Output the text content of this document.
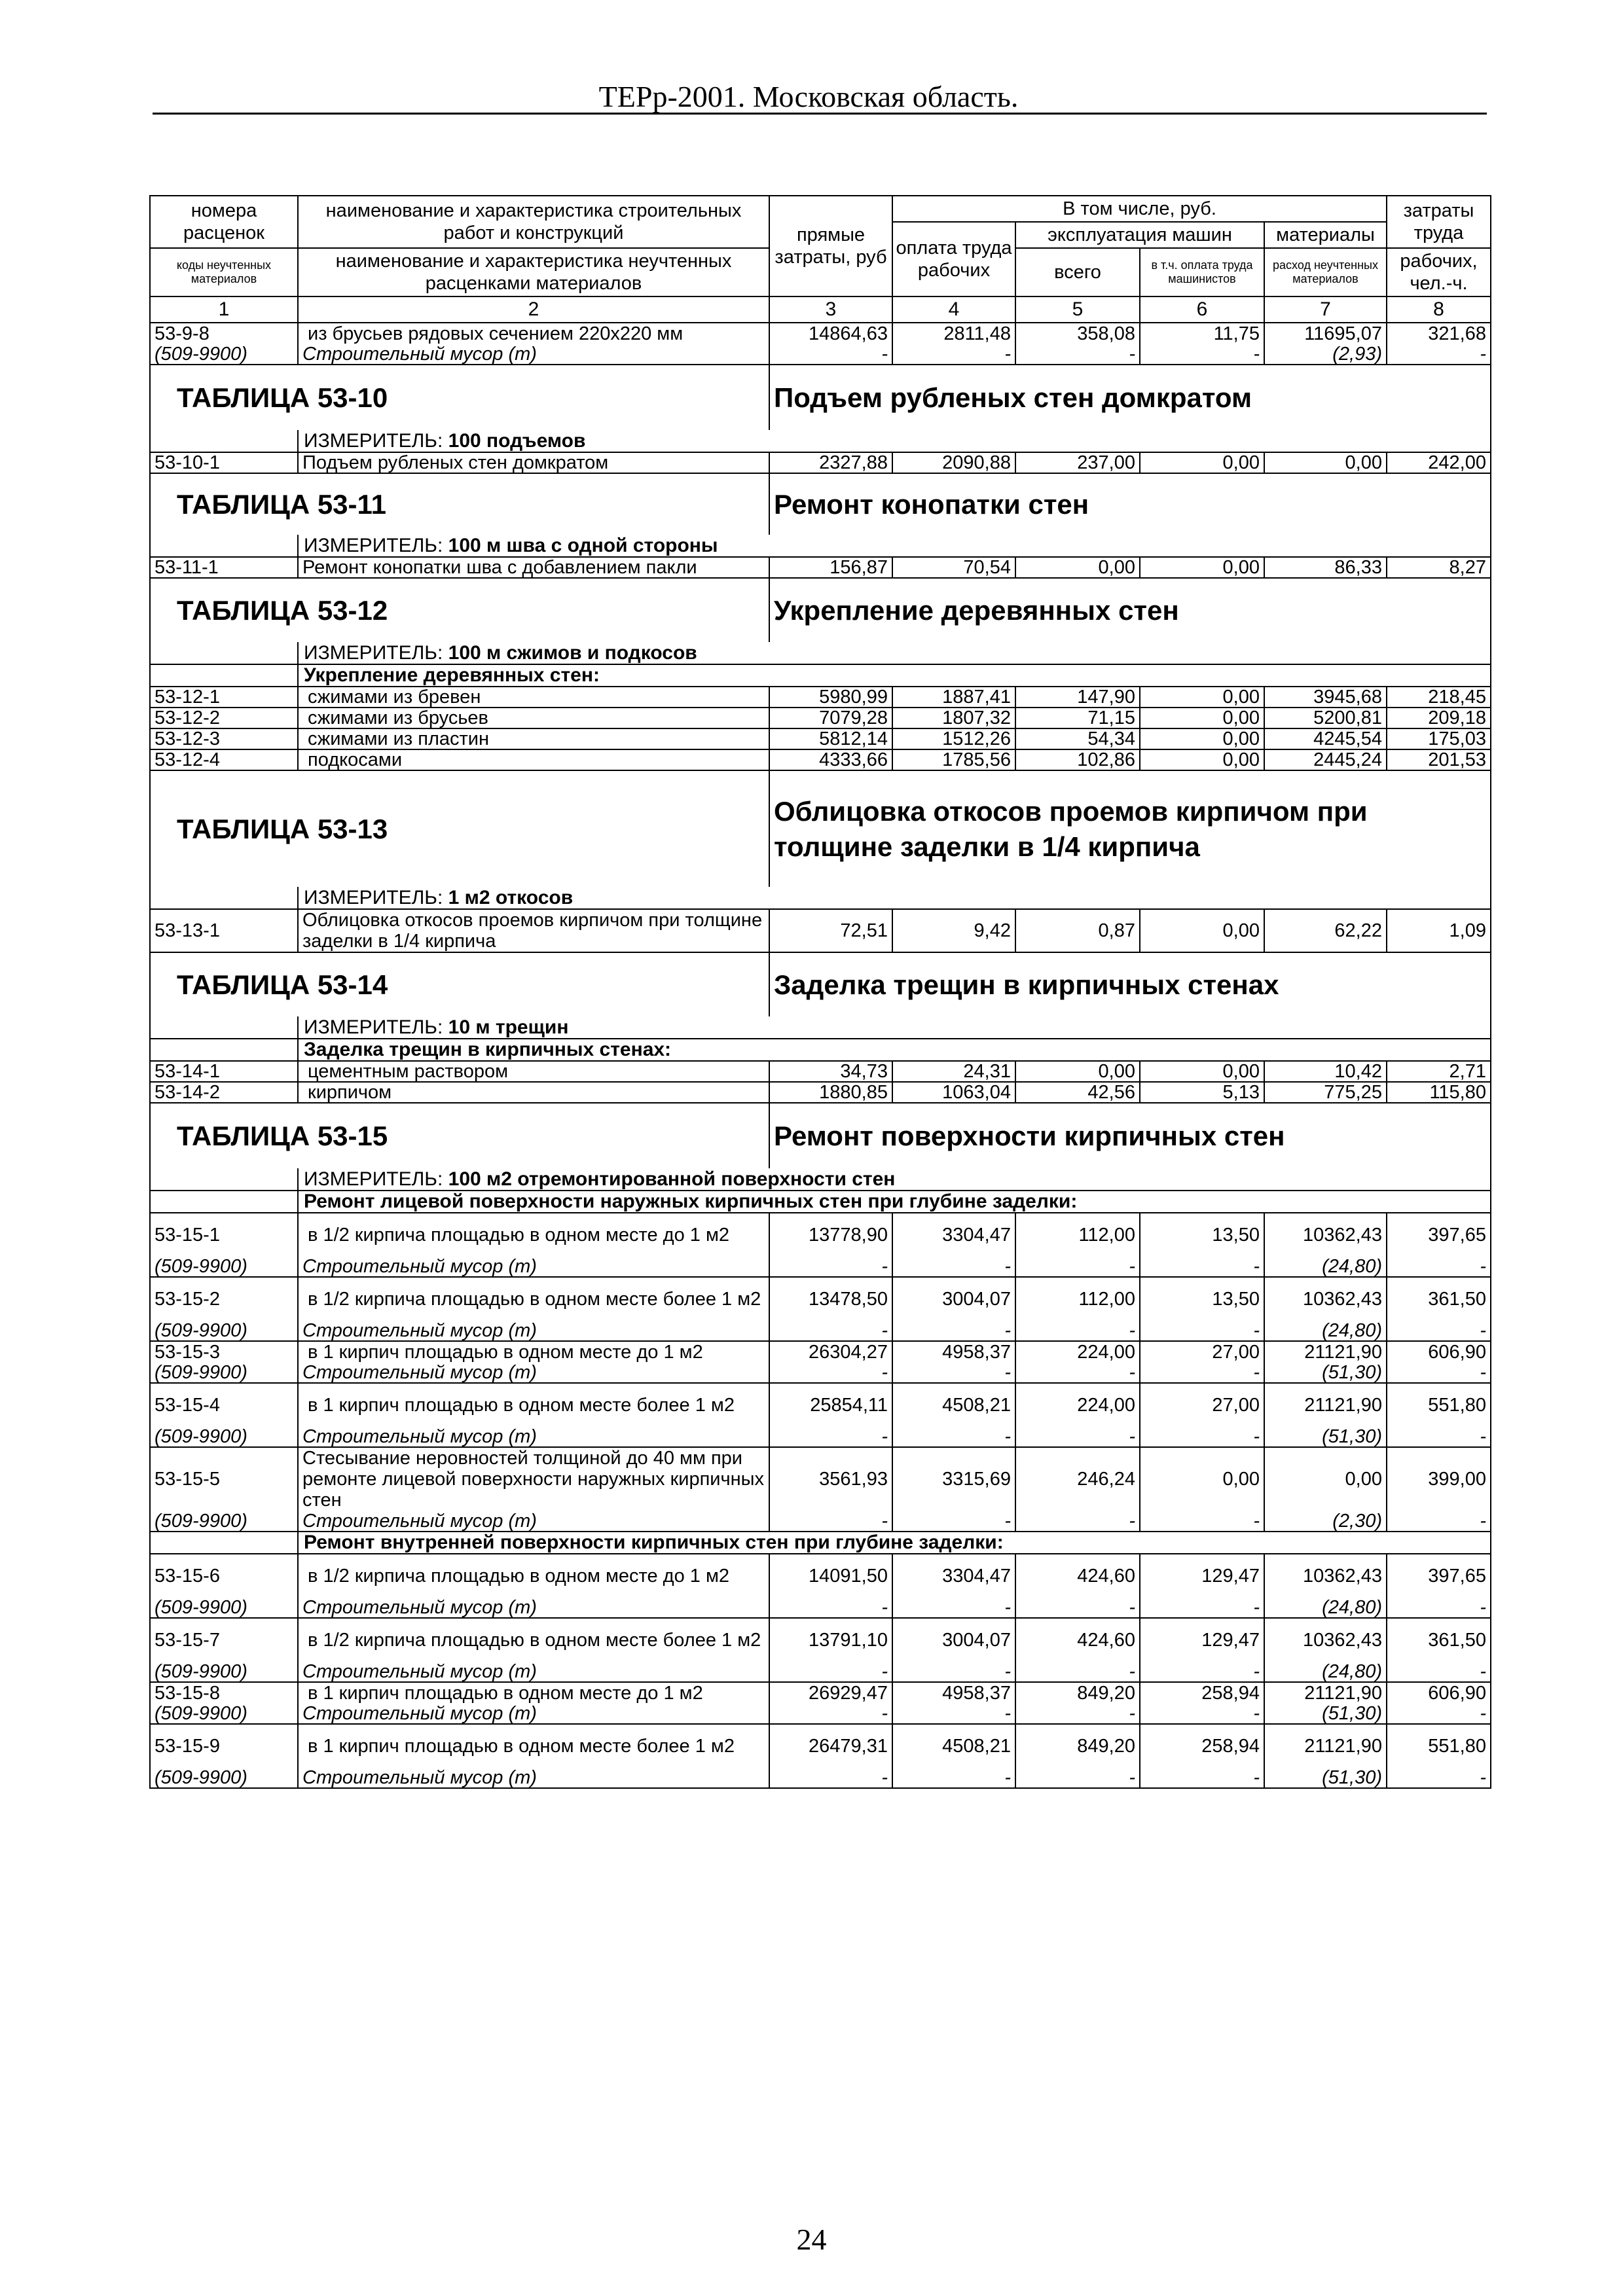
ТЕРр-2001. Московская область.
номера расценок	наименование и характеристика строительных работ и конструкций	прямые затраты, руб	В том числе, руб.				затраты труда
			оплата труда рабочих	эксплуатация машин		материалы	
коды неучтенных материалов	наименование и характеристика неучтенных расценками материалов			всего	в т.ч. оплата труда машинистов	расход неучтенных материалов	рабочих, чел.-ч.

1	2	3	4	5	6	7	8
53-9-8	из брусьев рядовых сечением 220х220 мм	14864,63	2811,48	358,08	11,75	11695,07	321,68
(509-9900)	Строительный мусор (т)	-	-	-	-	(2,93)	-
ТАБЛИЦА 53-10		Подъем рубленых стен домкратом					
	ИЗМЕРИТЕЛЬ: 100 подъемов						
53-10-1	Подъем рубленых стен домкратом	2327,88	2090,88	237,00	0,00	0,00	242,00
ТАБЛИЦА 53-11		Ремонт конопатки стен					
	ИЗМЕРИТЕЛЬ: 100 м шва с одной стороны						
53-11-1	Ремонт конопатки шва с добавлением пакли	156,87	70,54	0,00	0,00	86,33	8,27
ТАБЛИЦА 53-12		Укрепление деревянных стен					
	ИЗМЕРИТЕЛЬ: 100 м сжимов и подкосов						
	Укрепление деревянных стен:						
53-12-1	сжимами из бревен	5980,99	1887,41	147,90	0,00	3945,68	218,45
53-12-2	сжимами из брусьев	7079,28	1807,32	71,15	0,00	5200,81	209,18
53-12-3	сжимами из пластин	5812,14	1512,26	54,34	0,00	4245,54	175,03
53-12-4	подкосами	4333,66	1785,56	102,86	0,00	2445,24	201,53
ТАБЛИЦА 53-13		Облицовка откосов проемов кирпичом при толщине заделки в 1/4 кирпича					
	ИЗМЕРИТЕЛЬ: 1 м2 откосов						
53-13-1	Облицовка откосов проемов кирпичом при толщине заделки в 1/4 кирпича	72,51	9,42	0,87	0,00	62,22	1,09
ТАБЛИЦА 53-14		Заделка трещин в кирпичных стенах					
	ИЗМЕРИТЕЛЬ: 10 м трещин						
	Заделка трещин в кирпичных стенах:						
53-14-1	цементным раствором	34,73	24,31	0,00	0,00	10,42	2,71
53-14-2	кирпичом	1880,85	1063,04	42,56	5,13	775,25	115,80
ТАБЛИЦА 53-15		Ремонт поверхности кирпичных стен					
	ИЗМЕРИТЕЛЬ: 100 м2 отремонтированной поверхности стен						
	Ремонт лицевой поверхности наружных кирпичных стен при глубине заделки:						
53-15-1	в 1/2 кирпича площадью в одном месте до 1 м2	13778,90	3304,47	112,00	13,50	10362,43	397,65
(509-9900)	Строительный мусор (т)	-	-	-	-	(24,80)	-
53-15-2	в 1/2 кирпича площадью в одном месте более 1 м2	13478,50	3004,07	112,00	13,50	10362,43	361,50
(509-9900)	Строительный мусор (т)	-	-	-	-	(24,80)	-
53-15-3	в 1 кирпич площадью в одном месте до 1 м2	26304,27	4958,37	224,00	27,00	21121,90	606,90
(509-9900)	Строительный мусор (т)	-	-	-	-	(51,30)	-
53-15-4	в 1 кирпич площадью в одном месте более 1 м2	25854,11	4508,21	224,00	27,00	21121,90	551,80
(509-9900)	Строительный мусор (т)	-	-	-	-	(51,30)	-
53-15-5	Стесывание неровностей толщиной до 40 мм при ремонте лицевой поверхности наружных кирпичных стен	3561,93	3315,69	246,24	0,00	0,00	399,00
(509-9900)	Строительный мусор (т)	-	-	-	-	(2,30)	-
	Ремонт внутренней поверхности кирпичных стен при глубине заделки:						
53-15-6	в 1/2 кирпича площадью в одном месте до 1 м2	14091,50	3304,47	424,60	129,47	10362,43	397,65
(509-9900)	Строительный мусор (т)	-	-	-	-	(24,80)	-
53-15-7	в 1/2 кирпича площадью в одном месте более 1 м2	13791,10	3004,07	424,60	129,47	10362,43	361,50
(509-9900)	Строительный мусор (т)	-	-	-	-	(24,80)	-
53-15-8	в 1 кирпич площадью в одном месте до 1 м2	26929,47	4958,37	849,20	258,94	21121,90	606,90
(509-9900)	Строительный мусор (т)	-	-	-	-	(51,30)	-
53-15-9	в 1 кирпич площадью в одном месте более 1 м2	26479,31	4508,21	849,20	258,94	21121,90	551,80
(509-9900)	Строительный мусор (т)	-	-	-	-	(51,30)	-
24
